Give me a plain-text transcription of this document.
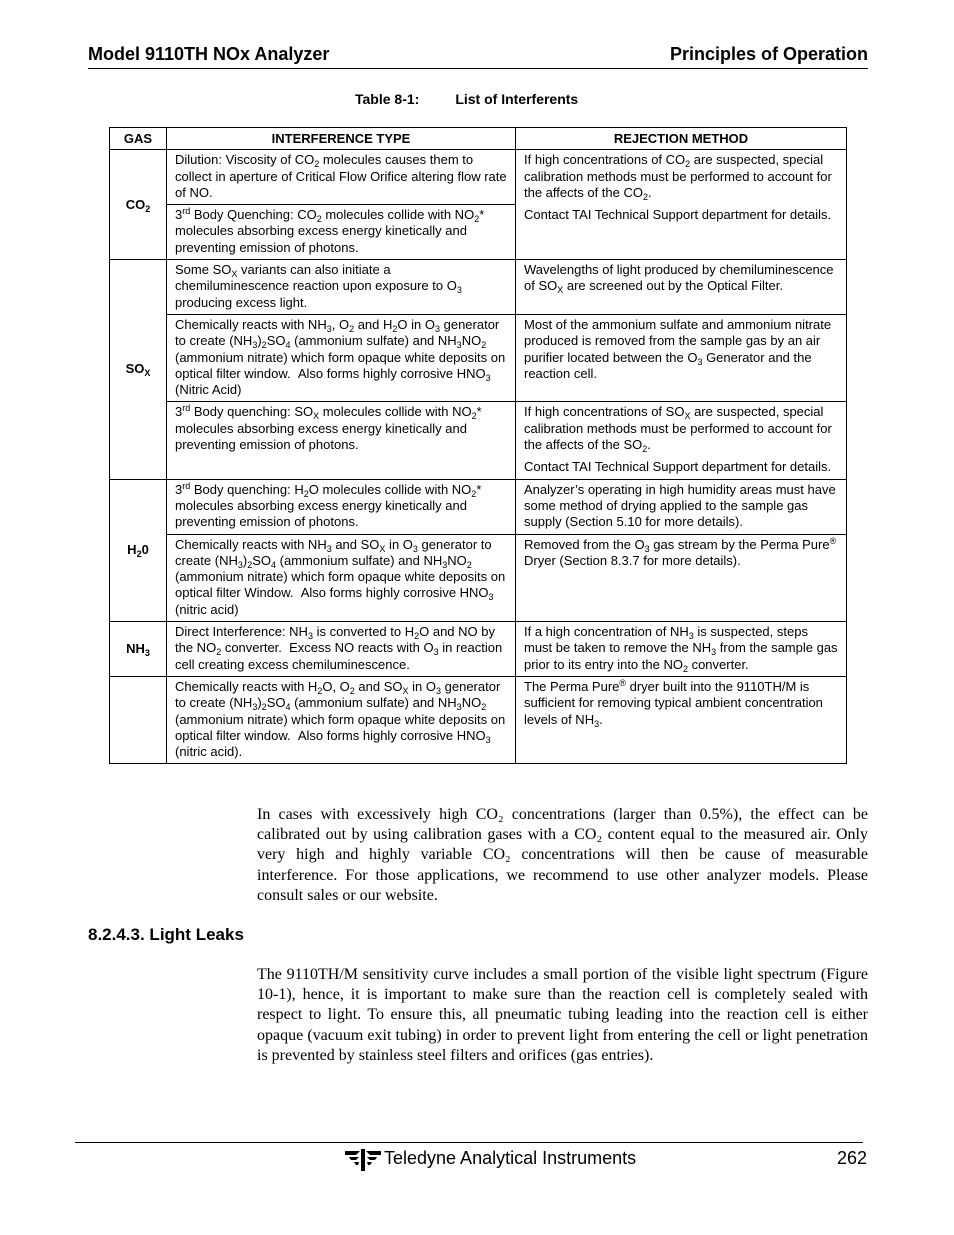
Model 9110TH NOx Analyzer	Principles of Operation
Table 8-1:	List of Interferents
GAS	INTERFERENCE TYPE	REJECTION METHOD
$CO_2$	Dilution: Viscosity of $CO_2$ molecules causes them to collect in aperture of Critical Flow Orifice altering flow rate of NO.	If high concentrations of $CO_2$ are suspected, special calibration methods must be performed to account for the affects of the $CO_2$.

Contact TAI Technical Support department for details.

	3rd Body Quenching: $CO_2$ molecules collide with $NO_2*$ molecules absorbing excess energy kinetically and preventing emission of photons.	
$SO_X$	Some $SO_X$ variants can also initiate a chemiluminescence reaction upon exposure to $O_3$ producing excess light.	Wavelengths of light produced by chemiluminescence of $SO_X$ are screened out by the Optical Filter.

	Chemically reacts with $NH_3$, $O_2$ and $H_2O$ in $O_3$ generator to create $(NH_3)_2SO_4$ (ammonium sulfate) and $NH_3NO_2$ (ammonium nitrate) which form opaque white deposits on optical filter window.  Also forms highly corrosive $HNO_3$ (Nitric Acid)	Most of the ammonium sulfate and ammonium nitrate produced is removed from the sample gas by an air purifier located between the $O_3$ Generator and the reaction cell.

	3rd Body quenching: $SO_X$ molecules collide with $NO_2*$ molecules absorbing excess energy kinetically and preventing emission of photons.	If high concentrations of $SO_X$ are suspected, special calibration methods must be performed to account for the affects of the $SO_2$.

Contact TAI Technical Support department for details.

$H_20$	3rd Body quenching: $H_2O$ molecules collide with $NO_2*$ molecules absorbing excess energy kinetically and preventing emission of photons.	Analyzer’s operating in high humidity areas must have some method of drying applied to the sample gas supply (Section 5.10 for more details).

	Chemically reacts with $NH_3$ and $SO_X$ in $O_3$ generator to create $(NH_3)_2SO_4$ (ammonium sulfate) and $NH_3NO_2$ (ammonium nitrate) which form opaque white deposits on optical filter Window.  Also forms highly corrosive $HNO_3$ (nitric acid)	Removed from the $O_3$ gas stream by the Perma Pure® Dryer (Section 8.3.7 for more details).

$NH_3$	Direct Interference: $NH_3$ is converted to $H_2O$ and NO by the $NO_2$ converter.  Excess NO reacts with $O_3$ in reaction cell creating excess chemiluminescence.	If a high concentration of $NH_3$ is suspected, steps must be taken to remove the $NH_3$ from the sample gas prior to its entry into the $NO_2$ converter.

	Chemically reacts with $H_2O$, $O_2$ and $SO_X$ in $O_3$ generator to create $(NH_3)_2SO_4$ (ammonium sulfate) and $NH_3NO_2$ (ammonium nitrate) which form opaque white deposits on optical filter window.  Also forms highly corrosive $HNO_3$ (nitric acid).	The Perma Pure® dryer built into the 9110TH/M is sufficient for removing typical ambient concentration levels of $NH_3$.

In cases with excessively high CO₂ concentrations (larger than 0.5%), the effect can be calibrated out by using calibration gases with a CO₂ content equal to the measured air. Only very high and highly variable CO₂ concentrations will then be cause of measurable interference. For those applications, we recommend to use other analyzer models. Please consult sales or our website.
8.2.4.3. Light Leaks
The 9110TH/M sensitivity curve includes a small portion of the visible light spectrum (Figure 10-1), hence, it is important to make sure than the reaction cell is completely sealed with respect to light. To ensure this, all pneumatic tubing leading into the reaction cell is either opaque (vacuum exit tubing) in order to prevent light from entering the cell or light penetration is prevented by stainless steel filters and orifices (gas entries).
Teledyne Analytical Instruments	262
